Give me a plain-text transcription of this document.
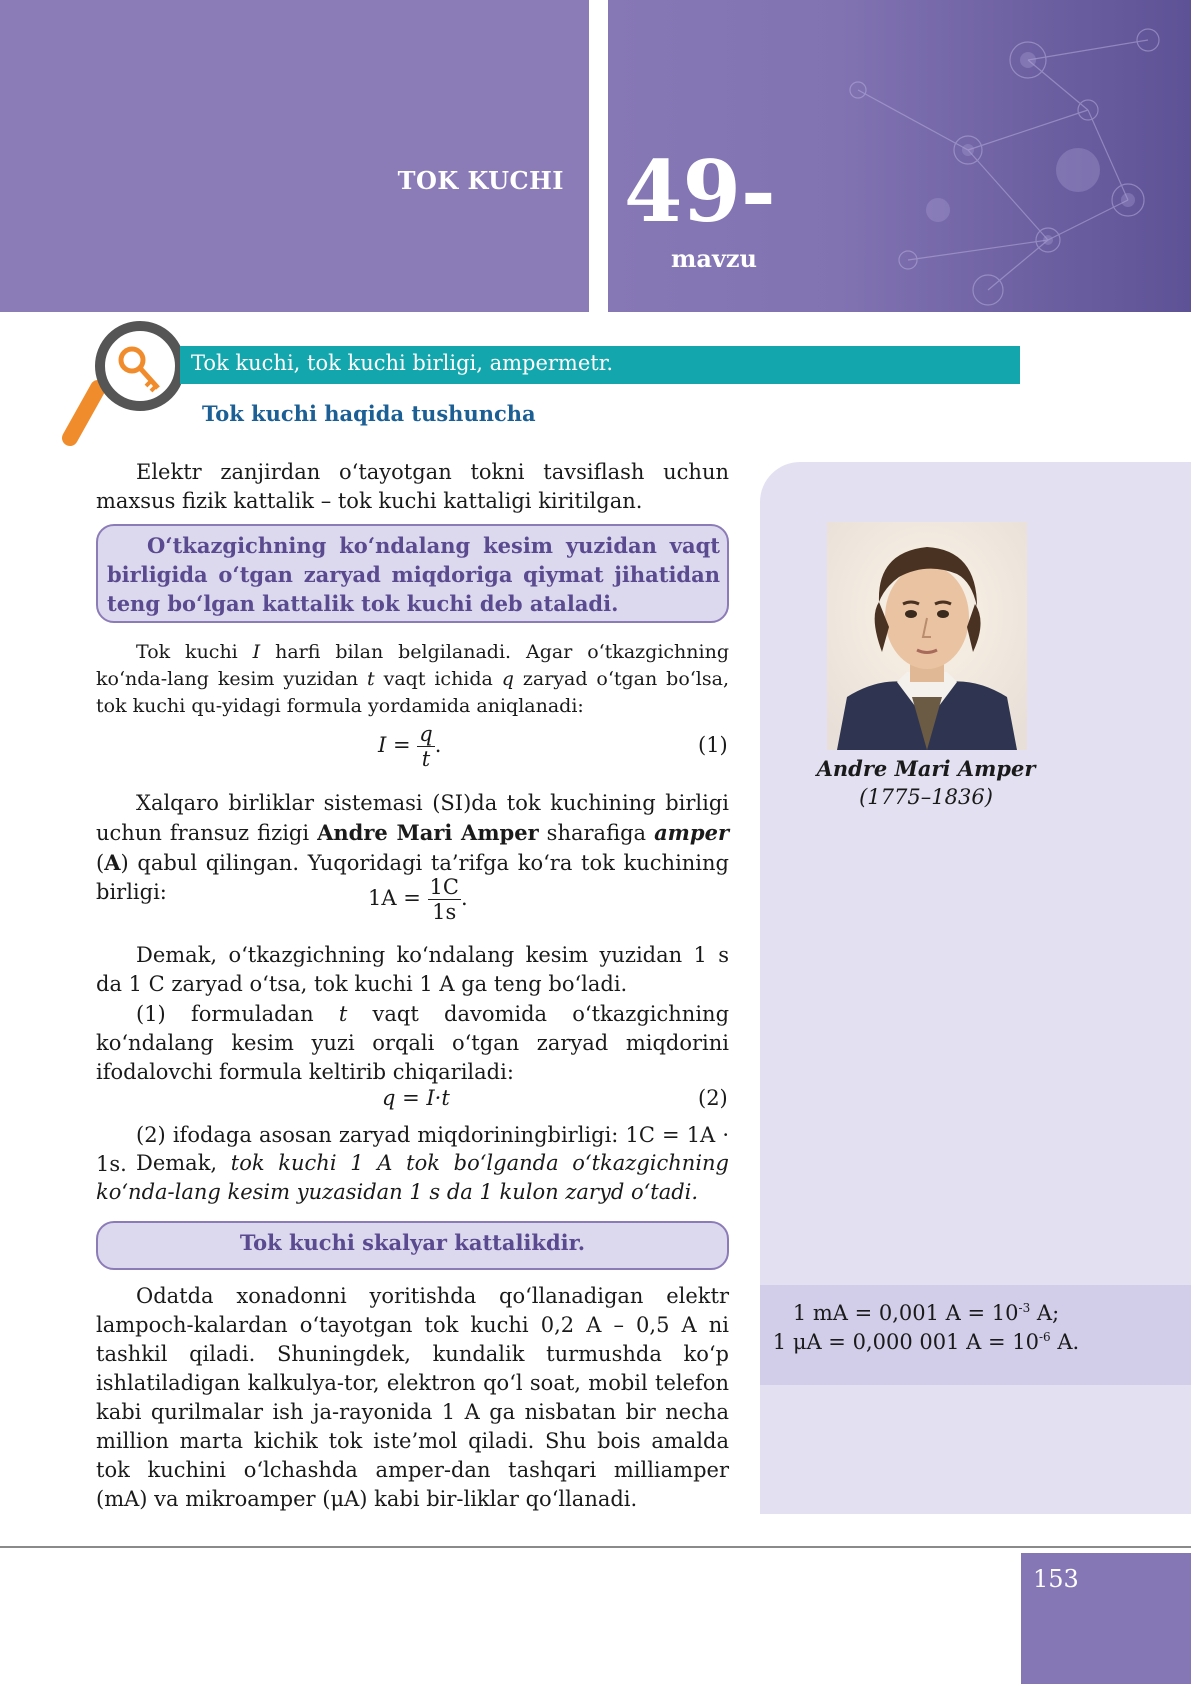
TOK KUCHI 49-
mavzu
Tok kuchi, tok kuchi birligi, ampermetr.
Tok kuchi haqida tushuncha
Andre Mari Amper
(1775–1836)
1 mA = 0,001 $A = 10^{-3}$ A;
1 μA = 0,000 001 $A = 10^{-6}$ A.
Elektr zanjirdan o‘tayotgan tokni tavsiflash uchun maxsus fizik kattalik – tok kuchi kattaligi kiritilgan.
O‘tkazgichning ko‘ndalang kesim yuzidan vaqt birligida o‘tgan zaryad miqdoriga qiymat jihatidan teng bo‘lgan kattalik tok kuchi deb ataladi.
Tok kuchi I harfi bilan belgilanadi. Agar o‘tkazgichning ko‘nda-lang kesim yuzidan t vaqt ichida q zaryad o‘tgan bo‘lsa, tok kuchi qu-yidagi formula yordamida aniqlanadi:
$I = \frac{q}{t}$ .	(1)
Xalqaro birliklar sistemasi (SI)da tok kuchining birligi uchun fransuz fizigi Andre Mari Amper sharafiga amper (A) qabul qilingan. Yuqoridagi ta’rifga ko‘ra tok kuchining birligi:	$1A = \frac{1C}{1s}$ .
Demak, o‘tkazgichning ko‘ndalang kesim yuzidan 1 s da 1 C zaryad o‘tsa, tok kuchi 1 A ga teng bo‘ladi.
(1) formuladan t vaqt davomida o‘tkazgichning ko‘ndalang kesim yuzi orqali o‘tgan zaryad miqdorini ifodalovchi formula keltirib chiqariladi:
q = I·t	(2)
(2) ifodaga asosan zaryad miqdoriningbirligi: 1C = 1A · 1s. Demak, tok kuchi 1 A tok bo‘lganda o‘tkazgichning ko‘nda-lang kesim yuzasidan 1 s da 1 kulon zaryd o‘tadi.
Tok kuchi skalyar kattalikdir.
Odatda xonadonni yoritishda qo‘llanadigan elektr lampoch-kalardan o‘tayotgan tok kuchi 0,2 A – 0,5 A ni tashkil qiladi. Shuningdek, kundalik turmushda ko‘p ishlatiladigan kalkulya-tor, elektron qo‘l soat, mobil telefon kabi qurilmalar ish ja-rayonida 1 A ga nisbatan bir necha million marta kichik tok iste’mol qiladi. Shu bois amalda tok kuchini o‘lchashda amper-dan tashqari milliamper (mA) va mikroamper (μA) kabi bir-liklar qo‘llanadi.
153
